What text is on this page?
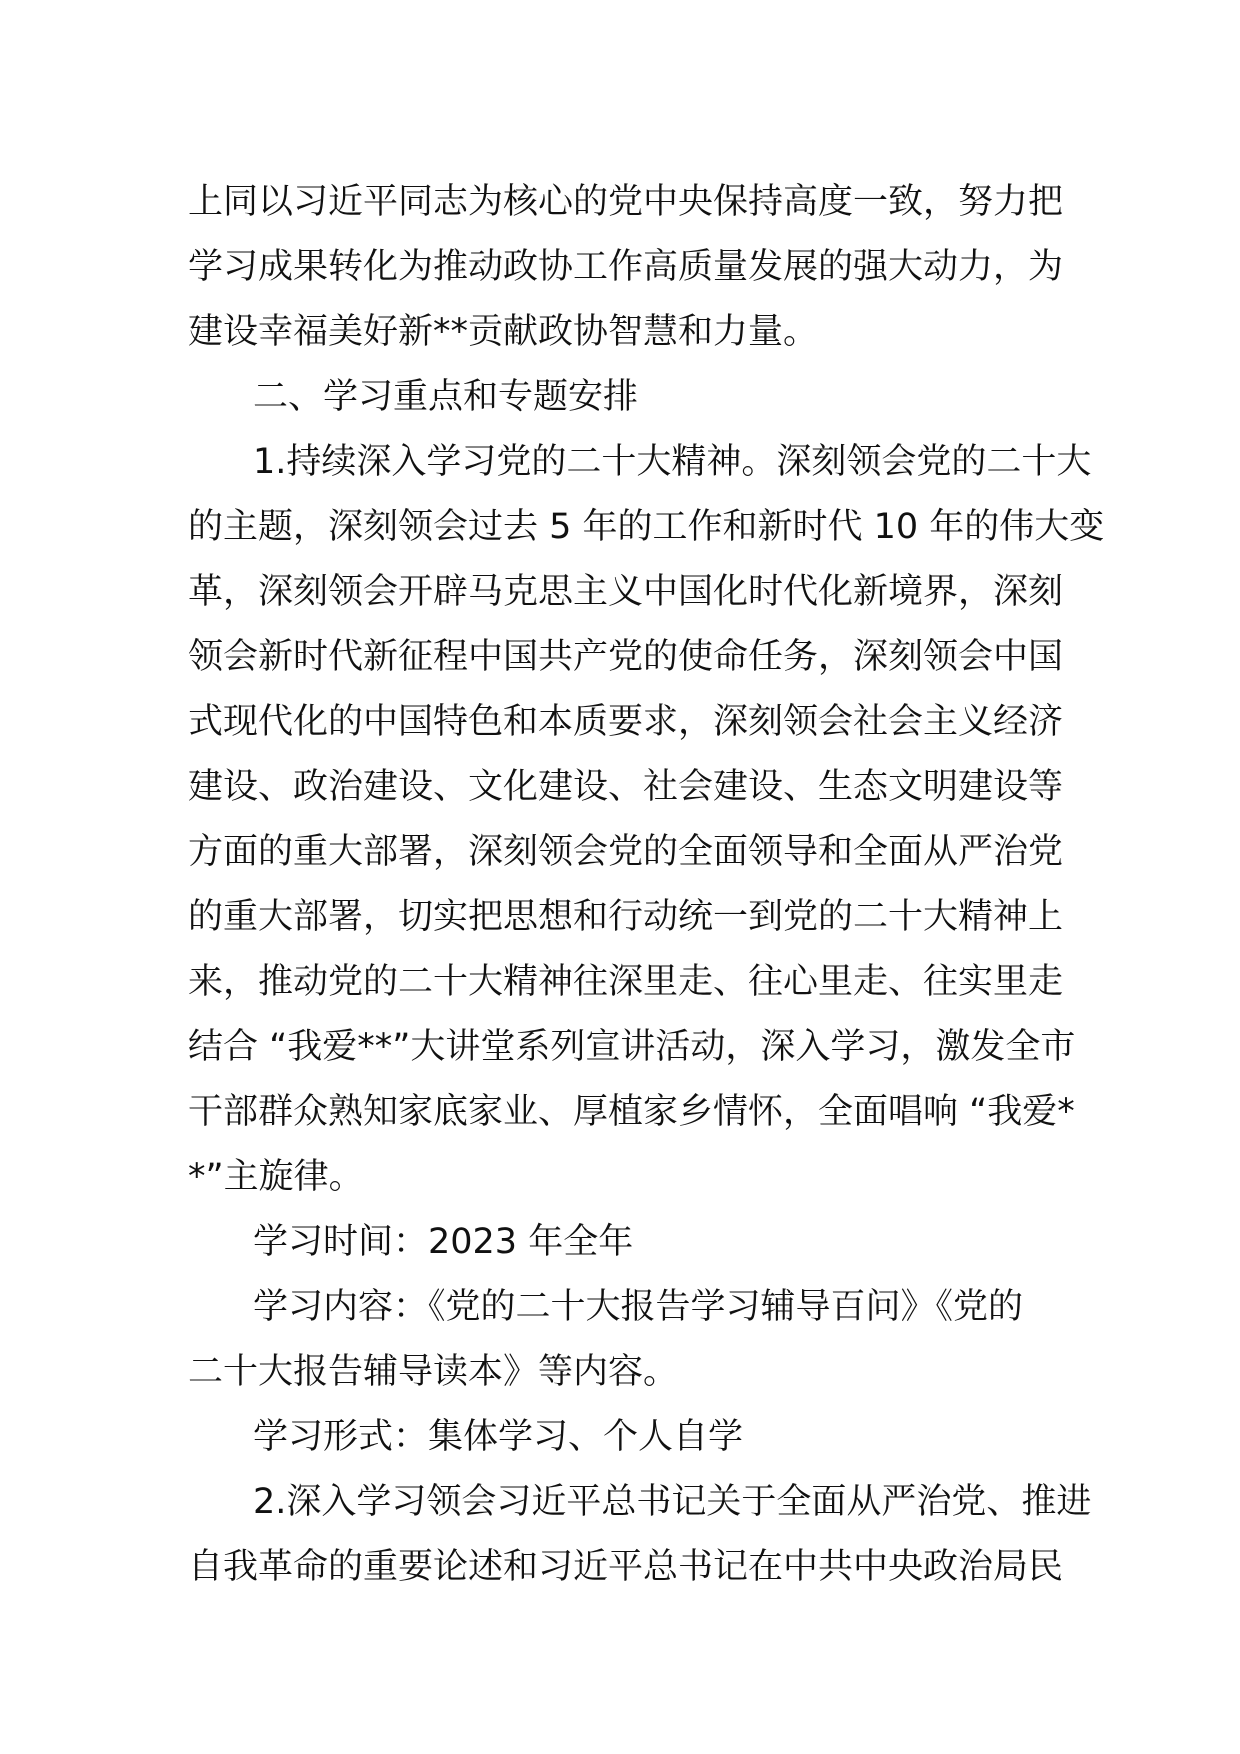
上同以习近平同志为核心的党中央保持高度一致，努力把
学习成果转化为推动政协工作高质量发展的强大动力，为
建设幸福美好新**贡献政协智慧和力量。
二、学习重点和专题安排
1.持续深入学习党的二十大精神。深刻领会党的二十大
的主题，深刻领会过去 5 年的工作和新时代 10 年的伟大变
革，深刻领会开辟马克思主义中国化时代化新境界，深刻
领会新时代新征程中国共产党的使命任务，深刻领会中国
式现代化的中国特色和本质要求，深刻领会社会主义经济
建设、政治建设、文化建设、社会建设、生态文明建设等
方面的重大部署，深刻领会党的全面领导和全面从严治党
的重大部署，切实把思想和行动统一到党的二十大精神上
来，推动党的二十大精神往深里走、往心里走、往实里走
结合 “我爱**”大讲堂系列宣讲活动，深入学习，激发全市
干部群众熟知家底家业、厚植家乡情怀，全面唱响 “我爱*
*”主旋律。
学习时间：2023 年全年
学习内容：《党的二十大报告学习辅导百问》《党的
二十大报告辅导读本》等内容。
学习形式：集体学习、个人自学
2.深入学习领会习近平总书记关于全面从严治党、推进
自我革命的重要论述和习近平总书记在中共中央政治局民
